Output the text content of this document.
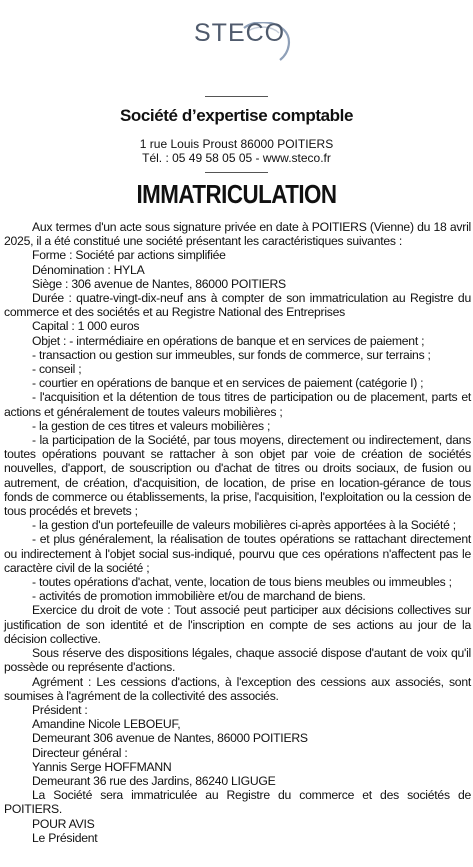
STECO
Société d’expertise comptable
1 rue Louis Proust 86000 POITIERS
Tél. : 05 49 58 05 05 - www.steco.fr
IMMATRICULATION

Aux termes d'un acte sous signature privée en date à POITIERS (Vienne) du 18 avril 2025, il a été constitué une société présentant les caractéristiques suivantes :

Forme : Société par actions simplifiée

Dénomination : HYLA

Siège : 306 avenue de Nantes, 86000 POITIERS

Durée : quatre-vingt-dix-neuf ans à compter de son immatriculation au Registre du commerce et des sociétés et au Registre National des Entreprises

Capital : 1 000 euros

Objet : - intermédiaire en opérations de banque et en services de paiement ;

- transaction ou gestion sur immeubles, sur fonds de commerce, sur terrains ;

- conseil ;

- courtier en opérations de banque et en services de paiement (catégorie I) ;

- l'acquisition et la détention de tous titres de participation ou de placement, parts et actions et généralement de toutes valeurs mobilières ;

- la gestion de ces titres et valeurs mobilières ;

- la participation de la Société, par tous moyens, directement ou indirectement, dans toutes opérations pouvant se rattacher à son objet par voie de création de sociétés nouvelles, d'apport, de souscription ou d'achat de titres ou droits sociaux, de fusion ou autrement, de création, d'acquisition, de location, de prise en location-gérance de tous fonds de commerce ou établissements, la prise, l'acquisition, l'exploitation ou la cession de tous procédés et brevets ;

- la gestion d'un portefeuille de valeurs mobilières ci-après apportées à la Société ;

- et plus généralement, la réalisation de toutes opérations se rattachant directement ou indirectement à l'objet social sus-indiqué, pourvu que ces opérations n'affectent pas le caractère civil de la société ;

- toutes opérations d'achat, vente, location de tous biens meubles ou immeubles ;

- activités de promotion immobilière et/ou de marchand de biens.

Exercice du droit de vote : Tout associé peut participer aux décisions collectives sur justification de son identité et de l'inscription en compte de ses actions au jour de la décision collective.

Sous réserve des dispositions légales, chaque associé dispose d'autant de voix qu'il possède ou représente d'actions.

Agrément : Les cessions d'actions, à l'exception des cessions aux associés, sont soumises à l'agrément de la collectivité des associés.

Président :

Amandine Nicole LEBOEUF,

Demeurant 306 avenue de Nantes, 86000 POITIERS

Directeur général :

Yannis Serge HOFFMANN

Demeurant 36 rue des Jardins, 86240 LIGUGE

La Société sera immatriculée au Registre du commerce et des sociétés de POITIERS.

POUR AVIS

Le Président
